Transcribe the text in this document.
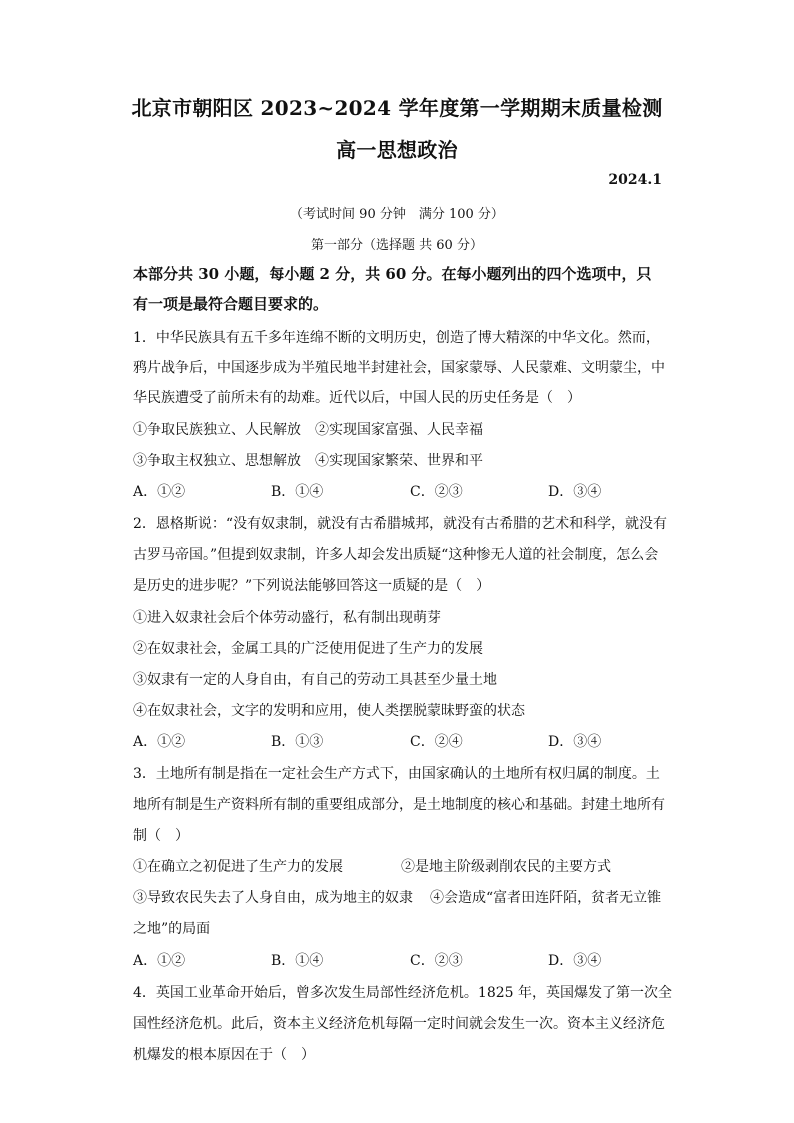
北京市朝阳区 2023~2024 学年度第一学期期末质量检测
高一思想政治
2024.1
（考试时间 90 分钟　满分 100 分）
第一部分（选择题 共 60 分）
本部分共 30 小题，每小题 2 分，共 60 分。在每小题列出的四个选项中，只
有一项是最符合题目要求的。
1．中华民族具有五千多年连绵不断的文明历史，创造了博大精深的中华文化。然而，
鸦片战争后，中国逐步成为半殖民地半封建社会，国家蒙辱、人民蒙难、文明蒙尘，中
华民族遭受了前所未有的劫难。近代以后，中国人民的历史任务是（　）
①争取民族独立、人民解放　②实现国家富强、人民幸福
③争取主权独立、思想解放　④实现国家繁荣、世界和平
A．①②	B．①④	C．②③	D．③④
2．恩格斯说：“没有奴隶制，就没有古希腊城邦，就没有古希腊的艺术和科学，就没有
古罗马帝国。”但提到奴隶制，许多人却会发出质疑“这种惨无人道的社会制度，怎么会
是历史的进步呢？”下列说法能够回答这一质疑的是（　）
①进入奴隶社会后个体劳动盛行，私有制出现萌芽
②在奴隶社会，金属工具的广泛使用促进了生产力的发展
③奴隶有一定的人身自由，有自己的劳动工具甚至少量土地
④在奴隶社会，文字的发明和应用，使人类摆脱蒙昧野蛮的状态
A．①②	B．①③	C．②④	D．③④
3．土地所有制是指在一定社会生产方式下，由国家确认的土地所有权归属的制度。土
地所有制是生产资料所有制的重要组成部分，是土地制度的核心和基础。封建土地所有
制（　）
①在确立之初促进了生产力的发展	②是地主阶级剥削农民的主要方式
③导致农民失去了人身自由，成为地主的奴隶 ④会造成“富者田连阡陌，贫者无立锥
之地”的局面
A．①②	B．①④	C．②③	D．③④
4．英国工业革命开始后，曾多次发生局部性经济危机。1825 年，英国爆发了第一次全
国性经济危机。此后，资本主义经济危机每隔一定时间就会发生一次。资本主义经济危
机爆发的根本原因在于（　）
